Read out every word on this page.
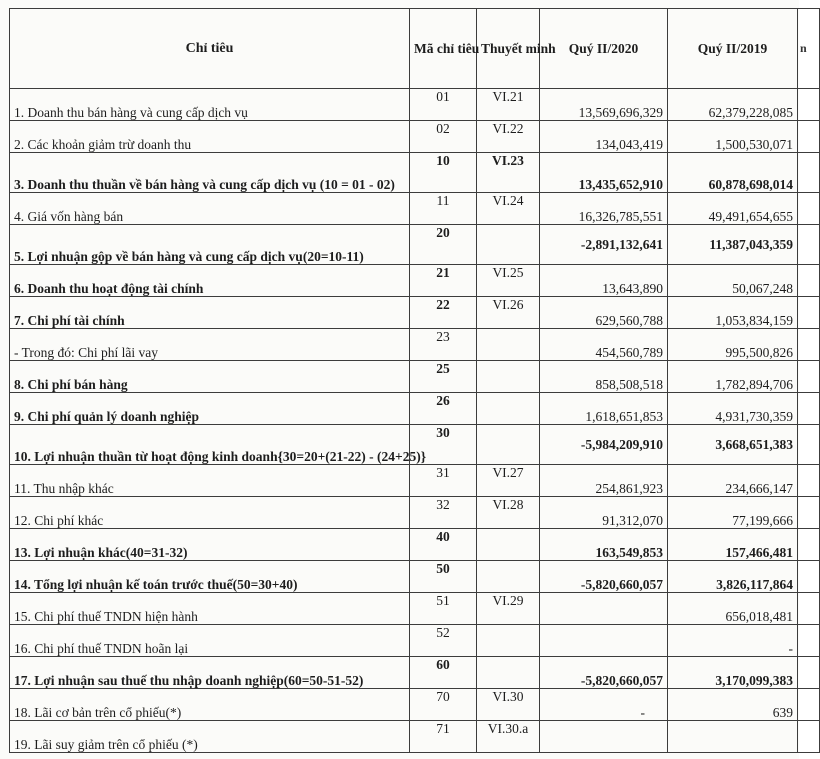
Chỉ tiêu	Mã chỉ tiêu	Thuyết minh	Quý II/2020	Quý II/2019	n
1. Doanh thu bán hàng và cung cấp dịch vụ	01	VI.21	13,569,696,329	62,379,228,085	
2. Các khoản giảm trừ doanh thu	02	VI.22	134,043,419	1,500,530,071	
3. Doanh thu thuần về bán hàng và cung cấp dịch vụ (10 = 01 - 02)	10	VI.23	13,435,652,910	60,878,698,014	
4. Giá vốn hàng bán	11	VI.24	16,326,785,551	49,491,654,655	
5. Lợi nhuận gộp về bán hàng và cung cấp dịch vụ(20=10-11)	20		-2,891,132,641	11,387,043,359	
6. Doanh thu hoạt động tài chính	21	VI.25	13,643,890	50,067,248	
7. Chi phí tài chính	22	VI.26	629,560,788	1,053,834,159	
- Trong đó: Chi phí lãi vay	23		454,560,789	995,500,826	
8. Chi phí bán hàng	25		858,508,518	1,782,894,706	
9. Chi phí quản lý doanh nghiệp	26		1,618,651,853	4,931,730,359	
10. Lợi nhuận thuần từ hoạt động kinh doanh{30=20+(21-22) - (24+25)}	30		-5,984,209,910	3,668,651,383	
11. Thu nhập khác	31	VI.27	254,861,923	234,666,147	
12. Chi phí khác	32	VI.28	91,312,070	77,199,666	
13. Lợi nhuận khác(40=31-32)	40		163,549,853	157,466,481	
14. Tổng lợi nhuận kế toán trước thuế(50=30+40)	50		-5,820,660,057	3,826,117,864	
15. Chi phí thuế TNDN hiện hành	51	VI.29		656,018,481	
16. Chi phí thuế TNDN hoãn lại	52			-	
17. Lợi nhuận sau thuế thu nhập doanh nghiệp(60=50-51-52)	60		-5,820,660,057	3,170,099,383	
18. Lãi cơ bản trên cổ phiếu(*)	70	VI.30	-	639	
19. Lãi suy giảm trên cổ phiếu (*)	71	VI.30.a			
